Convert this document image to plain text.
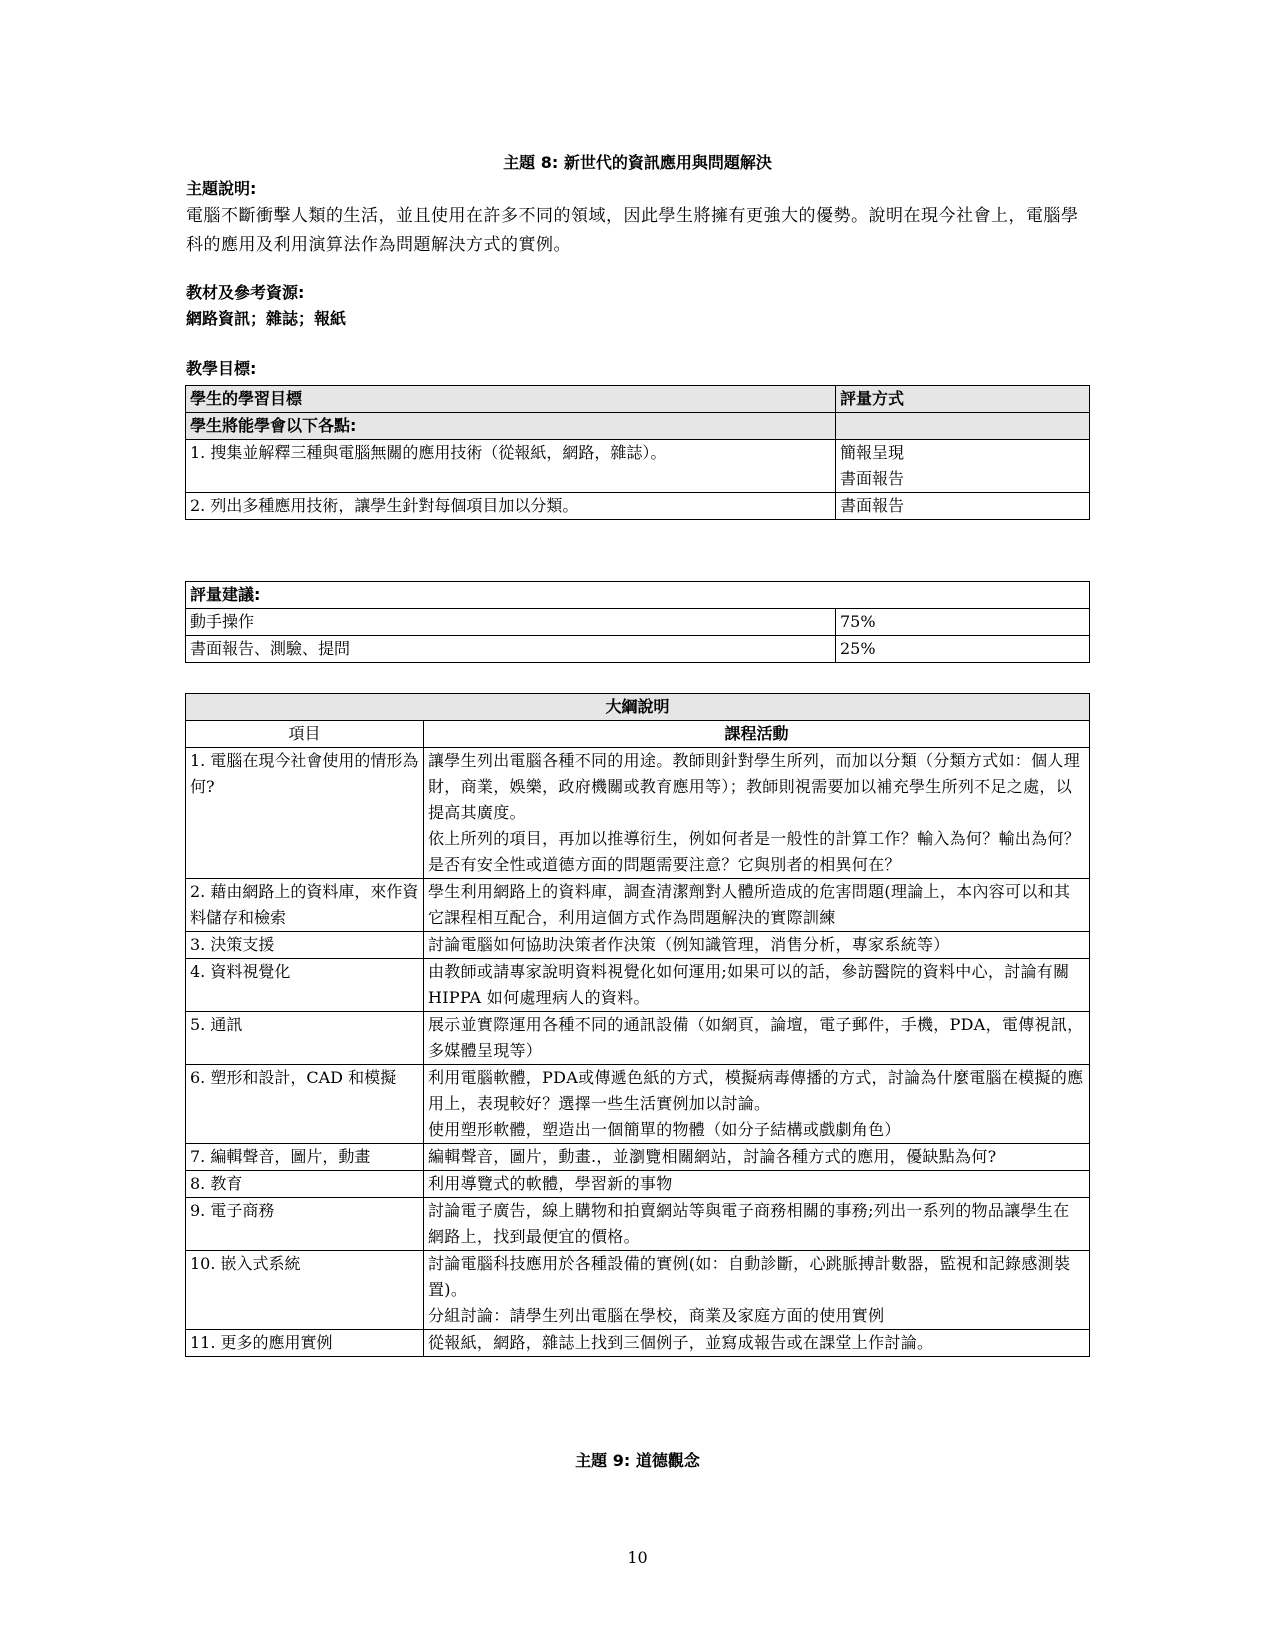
主題 8: 新世代的資訊應用與問題解決
主題說明:
電腦不斷衝擊人類的生活，並且使用在許多不同的領域，因此學生將擁有更強大的優勢。說明在現今社會上，電腦學科的應用及利用演算法作為問題解決方式的實例。
教材及參考資源:
網路資訊；雜誌；報紙
教學目標:
學生的學習目標	評量方式
學生將能學會以下各點:	
1. 搜集並解釋三種與電腦無關的應用技術（從報紙，網路，雜誌）。	簡報呈現
書面報告

2. 列出多種應用技術，讓學生針對每個項目加以分類。	書面報告
評量建議:	
動手操作	75%
書面報告、測驗、提問	25%
大綱說明	
項目	課程活動
1. 電腦在現今社會使用的情形為何?	讓學生列出電腦各種不同的用途。教師則針對學生所列，而加以分類（分類方式如：個人理財，商業，娛樂，政府機關或教育應用等）；教師則視需要加以補充學生所列不足之處，以提高其廣度。
依上所列的項目，再加以推導衍生，例如何者是一般性的計算工作？輸入為何？輸出為何？是否有安全性或道德方面的問題需要注意？它與別者的相異何在？

2. 藉由網路上的資料庫，來作資料儲存和檢索	學生利用網路上的資料庫，調查清潔劑對人體所造成的危害問題(理論上，本內容可以和其它課程相互配合，利用這個方式作為問題解決的實際訓練

3. 決策支援	討論電腦如何協助決策者作決策（例知識管理，消售分析，專家系統等）

4. 資料視覺化	由教師或請專家說明資料視覺化如何運用;如果可以的話，參訪醫院的資料中心，討論有關 HIPPA 如何處理病人的資料。

5. 通訊	展示並實際運用各種不同的通訊設備（如網頁，論壇，電子郵件，手機，PDA，電傳視訊，多媒體呈現等）

6. 塑形和設計，CAD 和模擬	利用電腦軟體，PDA或傳遞色紙的方式，模擬病毒傳播的方式，討論為什麼電腦在模擬的應用上，表現較好？選擇一些生活實例加以討論。
使用塑形軟體，塑造出一個簡單的物體（如分子結構或戲劇角色）

7. 編輯聲音，圖片，動畫	編輯聲音，圖片，動畫.，並瀏覽相關網站，討論各種方式的應用，優缺點為何?

8. 教育	利用導覽式的軟體，學習新的事物

9. 電子商務	討論電子廣告，線上購物和拍賣網站等與電子商務相關的事務;列出一系列的物品讓學生在網路上，找到最便宜的價格。

10. 嵌入式系統	討論電腦科技應用於各種設備的實例(如：自動診斷，心跳脈搏計數器，監視和記錄感測裝置)。
分組討論：請學生列出電腦在學校，商業及家庭方面的使用實例

11. 更多的應用實例	從報紙，網路，雜誌上找到三個例子，並寫成報告或在課堂上作討論。
主題 9: 道德觀念
10
